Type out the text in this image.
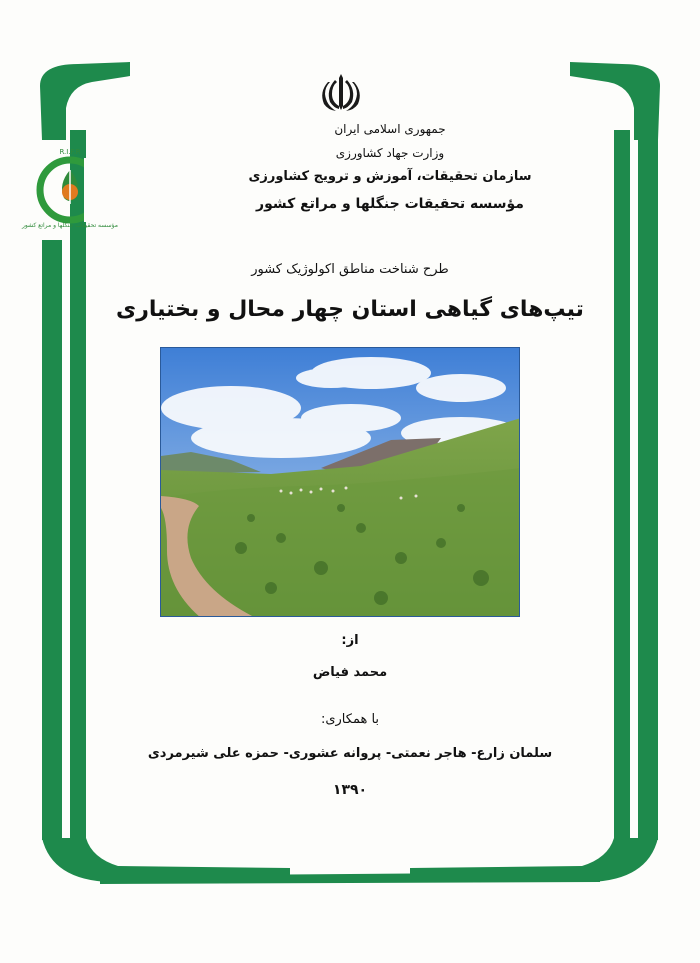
R.I.F.R
مؤسسه تحقیقات جنگلها و مراتع کشور
جمهوری اسلامی ایران
وزارت جهاد کشاورزی
سازمان تحقیقات، آموزش و ترویج کشاورزی
مؤسسه تحقیقات جنگلها و مراتع کشور
طرح شناخت مناطق اکولوژیک کشور
تیپ‌های گیاهی استان چهار محال و بختیاری
از:
محمد فیاض
با همکاری:
سلمان زارع- هاجر نعمتی- پروانه عشوری- حمزه علی شیرمردی
۱۳۹۰
